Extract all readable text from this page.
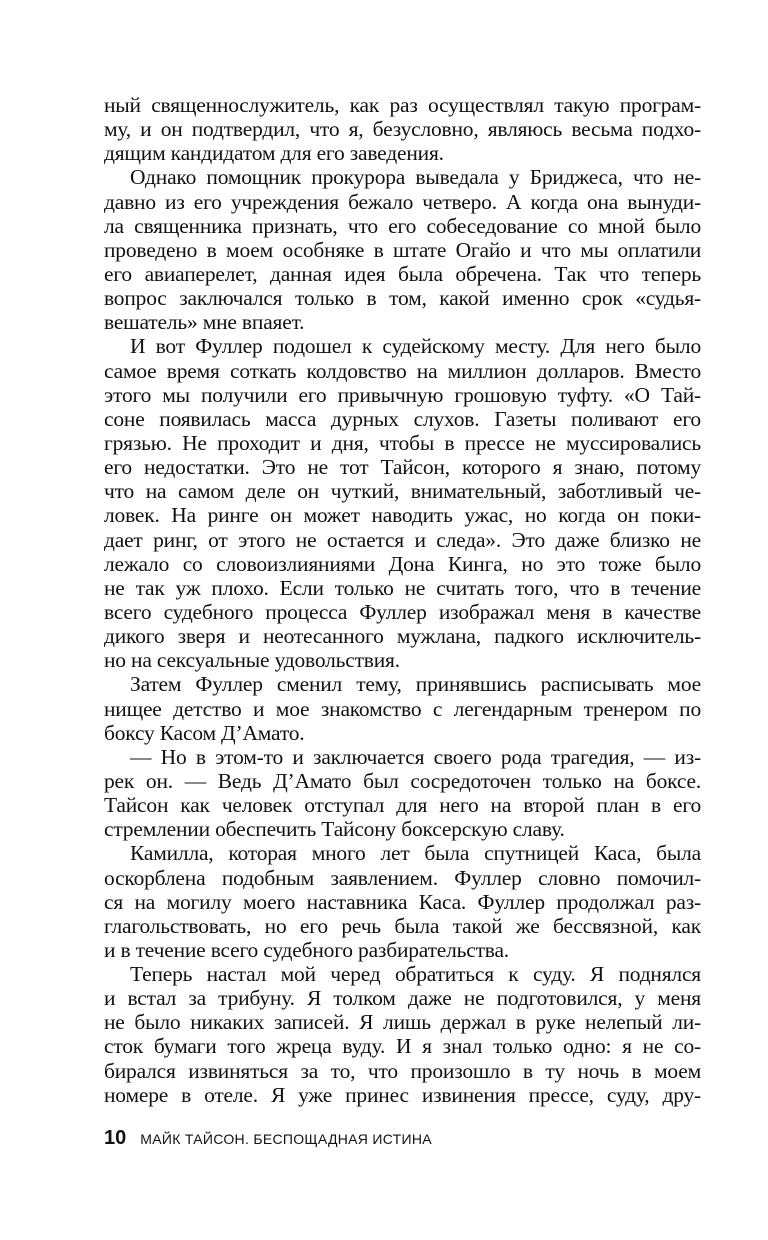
ный священнослужитель, как раз осуществлял такую програм-
му, и он подтвердил, что я, безусловно, являюсь весьма подхо-
дящим кандидатом для его заведения.
Однако помощник прокурора выведала у Бриджеса, что не-
давно из его учреждения бежало четверо. А когда она вынуди-
ла священника признать, что его собеседование со мной было
проведено в моем особняке в штате Огайо и что мы оплатили
его авиаперелет, данная идея была обречена. Так что теперь
вопрос заключался только в том, какой именно срок «судья-
вешатель» мне впаяет.
И вот Фуллер подошел к судейскому месту. Для него было
самое время соткать колдовство на миллион долларов. Вместо
этого мы получили его привычную грошовую туфту. «О Тай-
соне появилась масса дурных слухов. Газеты поливают его
грязью. Не проходит и дня, чтобы в прессе не муссировались
его недостатки. Это не тот Тайсон, которого я знаю, потому
что на самом деле он чуткий, внимательный, заботливый че-
ловек. На ринге он может наводить ужас, но когда он поки-
дает ринг, от этого не остается и следа». Это даже близко не
лежало со словоизлияниями Дона Кинга, но это тоже было
не так уж плохо. Если только не считать того, что в течение
всего судебного процесса Фуллер изображал меня в качестве
дикого зверя и неотесанного мужлана, падкого исключитель-
но на сексуальные удовольствия.
Затем Фуллер сменил тему, принявшись расписывать мое
нищее детство и мое знакомство с легендарным тренером по
боксу Касом Д’Амато.
— Но в этом-то и заключается своего рода трагедия, — из-
рек он. — Ведь Д’Амато был сосредоточен только на боксе.
Тайсон как человек отступал для него на второй план в его
стремлении обеспечить Тайсону боксерскую славу.
Камилла, которая много лет была спутницей Каса, была
оскорблена подобным заявлением. Фуллер словно помочил-
ся на могилу моего наставника Каса. Фуллер продолжал раз-
глагольствовать, но его речь была такой же бессвязной, как
и в течение всего судебного разбирательства.
Теперь настал мой черед обратиться к суду. Я поднялся
и встал за трибуну. Я толком даже не подготовился, у меня
не было никаких записей. Я лишь держал в руке нелепый ли-
сток бумаги того жреца вуду. И я знал только одно: я не со-
бирался извиняться за то, что произошло в ту ночь в моем
номере в отеле. Я уже принес извинения прессе, суду, дру-
10 МАЙК ТАЙСОН. БЕСПОЩАДНАЯ ИСТИНА
